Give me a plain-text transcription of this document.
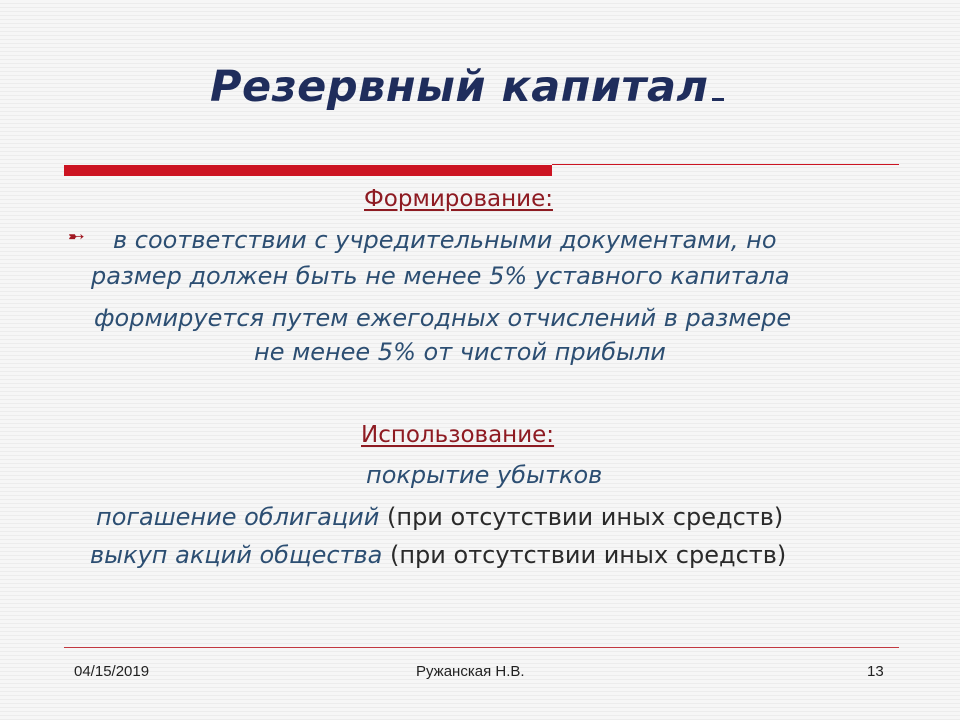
Резервный капитал
Формирование:
➸ в соответствии с учредительными документами, но
размер должен быть не менее 5% уставного капитала
формируется путем ежегодных отчислений в размере
не менее 5% от чистой прибыли
Использование:
покрытие убытков
погашение облигаций (при отсутствии иных средств)
выкуп акций общества (при отсутствии иных средств)
04/15/2019	Ружанская Н.В.	13
